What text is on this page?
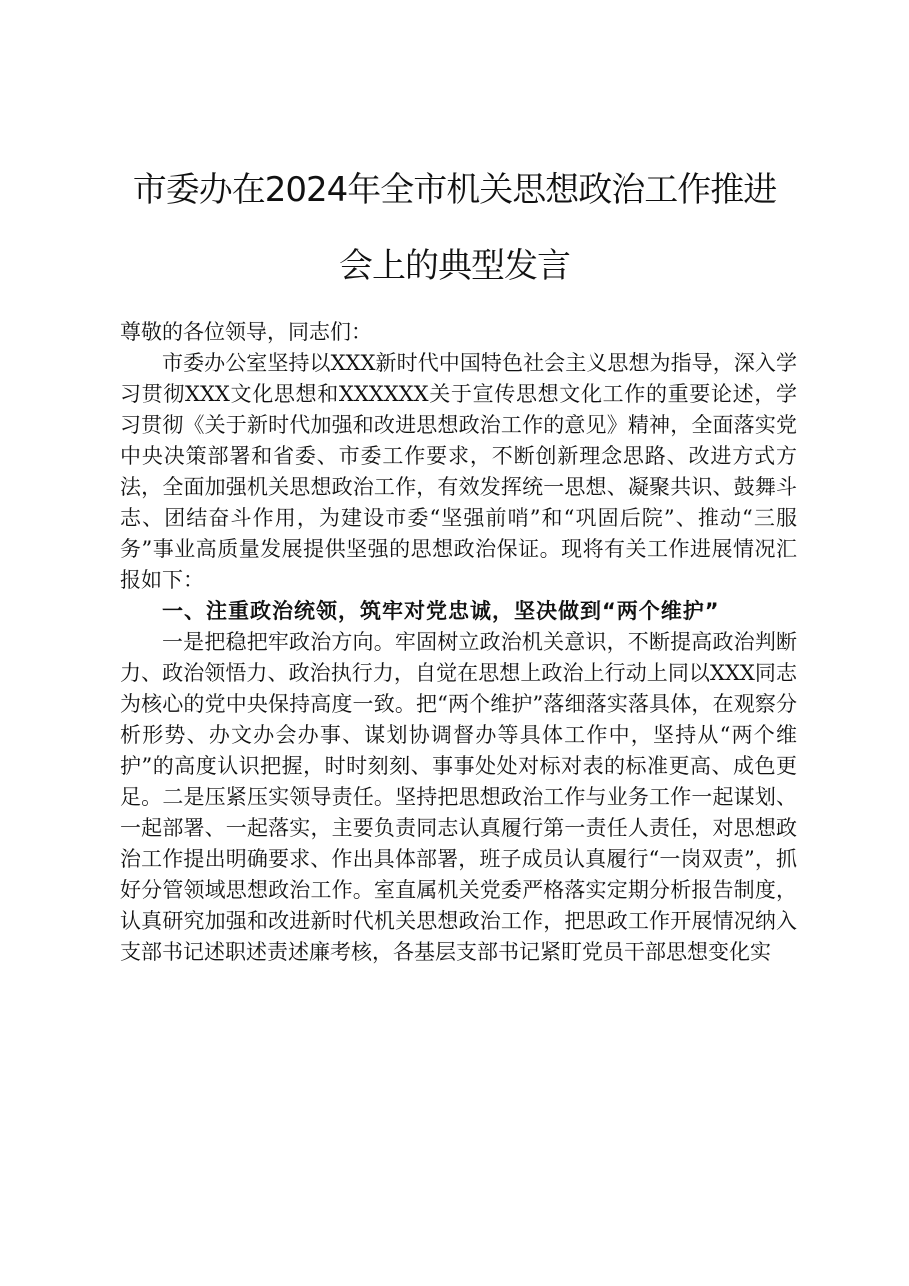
市委办在2024年全市机关思想政治工作推进
会上的典型发言

尊敬的各位领导，同志们：

市委办公室坚持以XXX新时代中国特色社会主义思想为指导，深入学习贯彻XXX文化思想和XXXXXX关于宣传思想文化工作的重要论述，学习贯彻《关于新时代加强和改进思想政治工作的意见》精神，全面落实党中央决策部署和省委、市委工作要求，不断创新理念思路、改进方式方法，全面加强机关思想政治工作，有效发挥统一思想、凝聚共识、鼓舞斗志、团结奋斗作用，为建设市委“坚强前哨”和“巩固后院”、推动“三服务”事业高质量发展提供坚强的思想政治保证。现将有关工作进展情况汇报如下：

一、注重政治统领，筑牢对党忠诚，坚决做到“两个维护”

一是把稳把牢政治方向。牢固树立政治机关意识，不断提高政治判断力、政治领悟力、政治执行力，自觉在思想上政治上行动上同以XXX同志为核心的党中央保持高度一致。把“两个维护”落细落实落具体，在观察分析形势、办文办会办事、谋划协调督办等具体工作中，坚持从“两个维护”的高度认识把握，时时刻刻、事事处处对标对表的标准更高、成色更足。二是压紧压实领导责任。坚持把思想政治工作与业务工作一起谋划、一起部署、一起落实，主要负责同志认真履行第一责任人责任，对思想政治工作提出明确要求、作出具体部署，班子成员认真履行“一岗双责”，抓好分管领域思想政治工作。室直属机关党委严格落实定期分析报告制度，认真研究加强和改进新时代机关思想政治工作，把思政工作开展情况纳入支部书记述职述责述廉考核，各基层支部书记紧盯党员干部思想变化实
